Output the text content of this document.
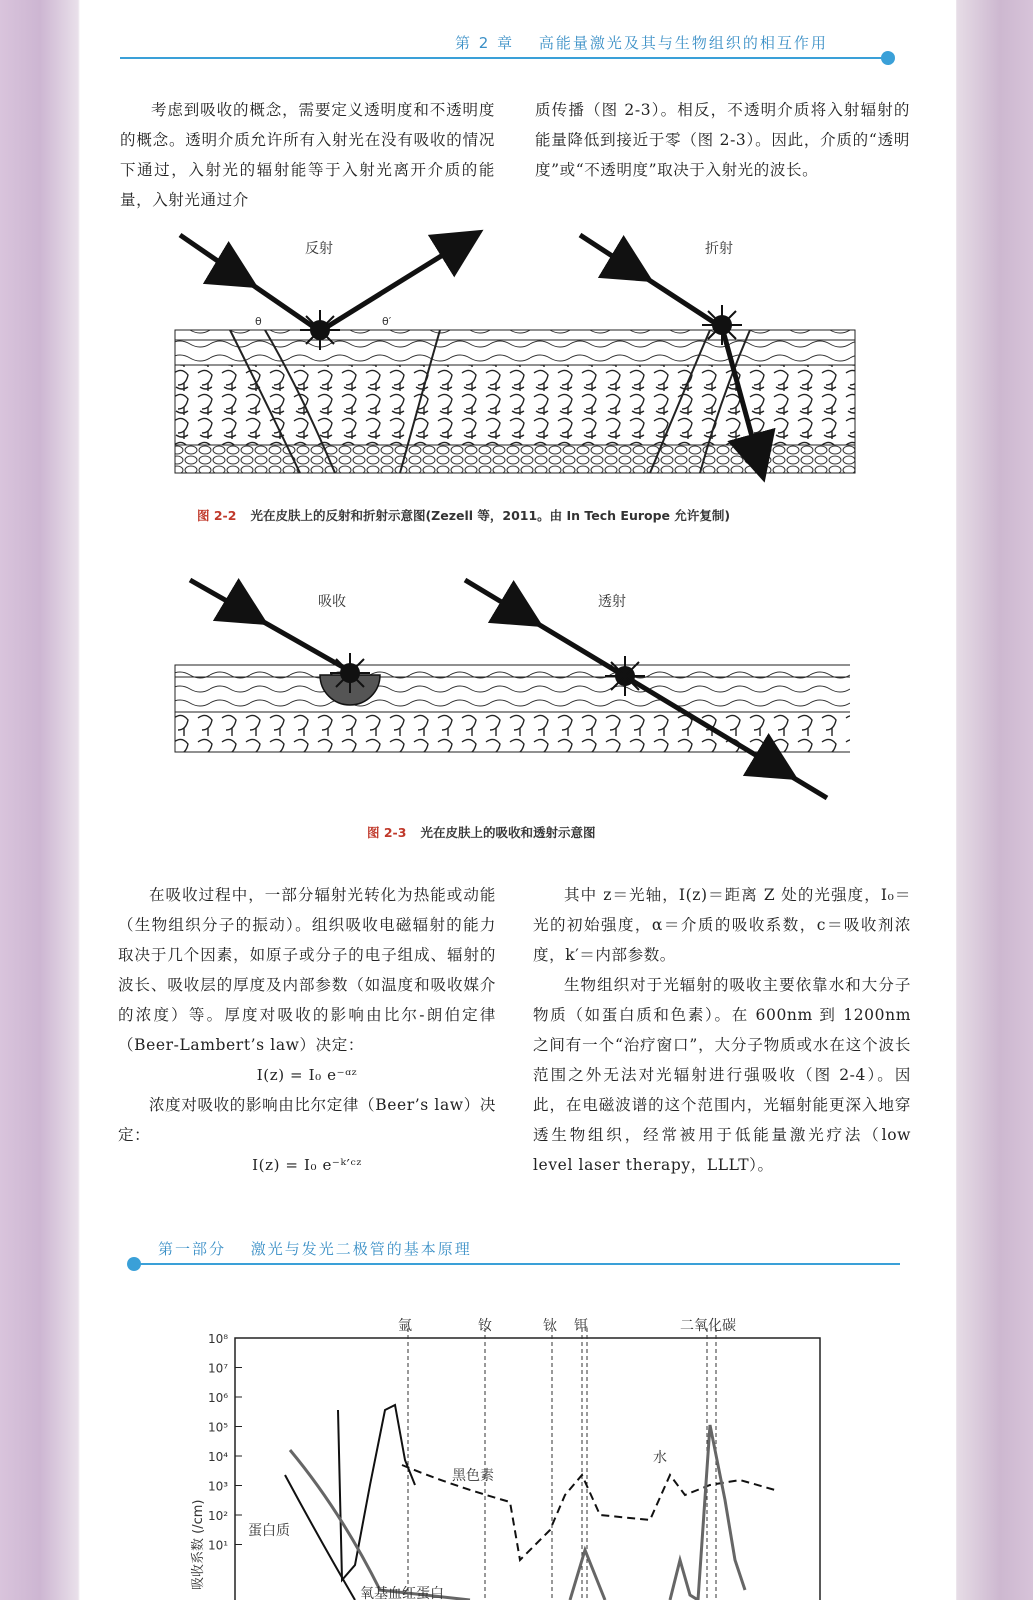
第 2 章 高能量激光及其与生物组织的相互作用
考虑到吸收的概念，需要定义透明度和不透明度的概念。透明介质允许所有入射光在没有吸收的情况下通过，入射光的辐射能等于入射光离开介质的能量，入射光通过介
质传播（图 2-3）。相反，不透明介质将入射辐射的能量降低到接近于零（图 2-3）。因此，介质的“透明度”或“不透明度”取决于入射光的波长。
反射	折射
θ	θ′
图 2-2 光在皮肤上的反射和折射示意图(Zezell 等，2011。由 In Tech Europe 允许复制)
吸收	透射
图 2-3 光在皮肤上的吸收和透射示意图

在吸收过程中，一部分辐射光转化为热能或动能（生物组织分子的振动）。组织吸收电磁辐射的能力取决于几个因素，如原子或分子的电子组成、辐射的波长、吸收层的厚度及内部参数（如温度和吸收媒介的浓度）等。厚度对吸收的影响由比尔-朗伯定律（Beer-Lambert’s law）决定：

I(z) = I₀ e⁻ᵅᶻ

浓度对吸收的影响由比尔定律（Beer’s law）决定：

I(z) = I₀ e⁻ᵏ′ᶜᶻ

其中 z＝光轴，I(z)＝距离 Z 处的光强度，I₀＝光的初始强度，α＝介质的吸收系数，c＝吸收剂浓度，k′＝内部参数。

生物组织对于光辐射的吸收主要依靠水和大分子物质（如蛋白质和色素）。在 600nm 到 1200nm 之间有一个“治疗窗口”，大分子物质或水在这个波长范围之外无法对光辐射进行强吸收（图 2-4）。因此，在电磁波谱的这个范围内，光辐射能更深入地穿透生物组织，经常被用于低能量激光疗法（low level laser therapy，LLLT）。

第一部分 激光与发光二极管的基本原理
10⁸
10⁷
10⁶
10⁵
10⁴
10³
10²
10¹
氩	钕	钬 铒	二氧化碳
黑色素
水
蛋白质
氧基血红蛋白
吸收系数 (/cm)
